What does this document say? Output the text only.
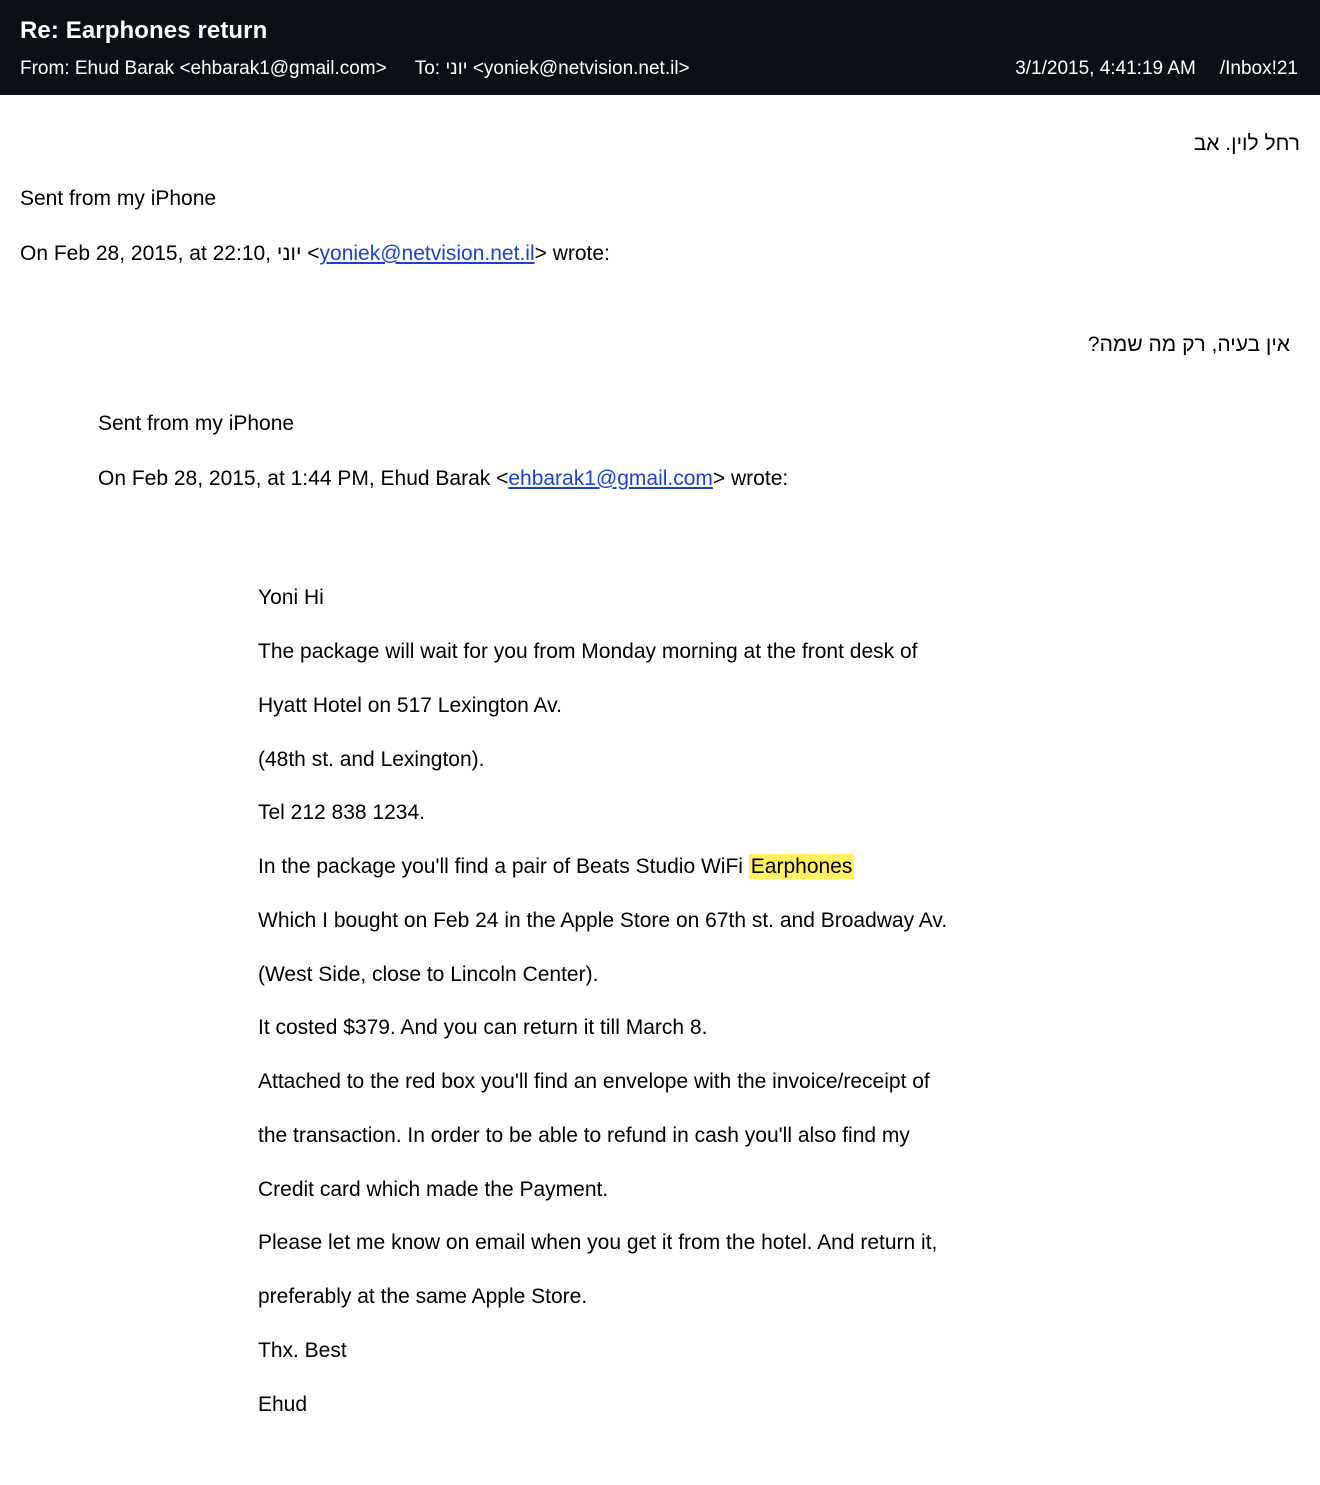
Re: Earphones return
From: Ehud Barak <ehbarak1@gmail.com> To: יוני <yoniek@netvision.net.il>	3/1/2015, 4:41:19 AM /Inbox!21
רחל לוין. אב
Sent from my iPhone
On Feb 28, 2015, at 22:10, יוני <yoniek@netvision.net.il> wrote:
אין בעיה, רק מה שמה?
Sent from my iPhone
On Feb 28, 2015, at 1:44 PM, Ehud Barak <ehbarak1@gmail.com> wrote:

Yoni Hi

The package will wait for you from Monday morning at the front desk of

Hyatt Hotel on 517 Lexington Av.

(48th st. and Lexington).

Tel 212 838 1234.

In the package you'll find a pair of Beats Studio WiFi Earphones

Which I bought on Feb 24 in the Apple Store on 67th st. and Broadway Av.

(West Side, close to Lincoln Center).

It costed $379. And you can return it till March 8.

Attached to the red box you'll find an envelope with the invoice/receipt of

the transaction. In order to be able to refund in cash you'll also find my

Credit card which made the Payment.

Please let me know on email when you get it from the hotel. And return it,

preferably at the same Apple Store.

Thx. Best

Ehud
